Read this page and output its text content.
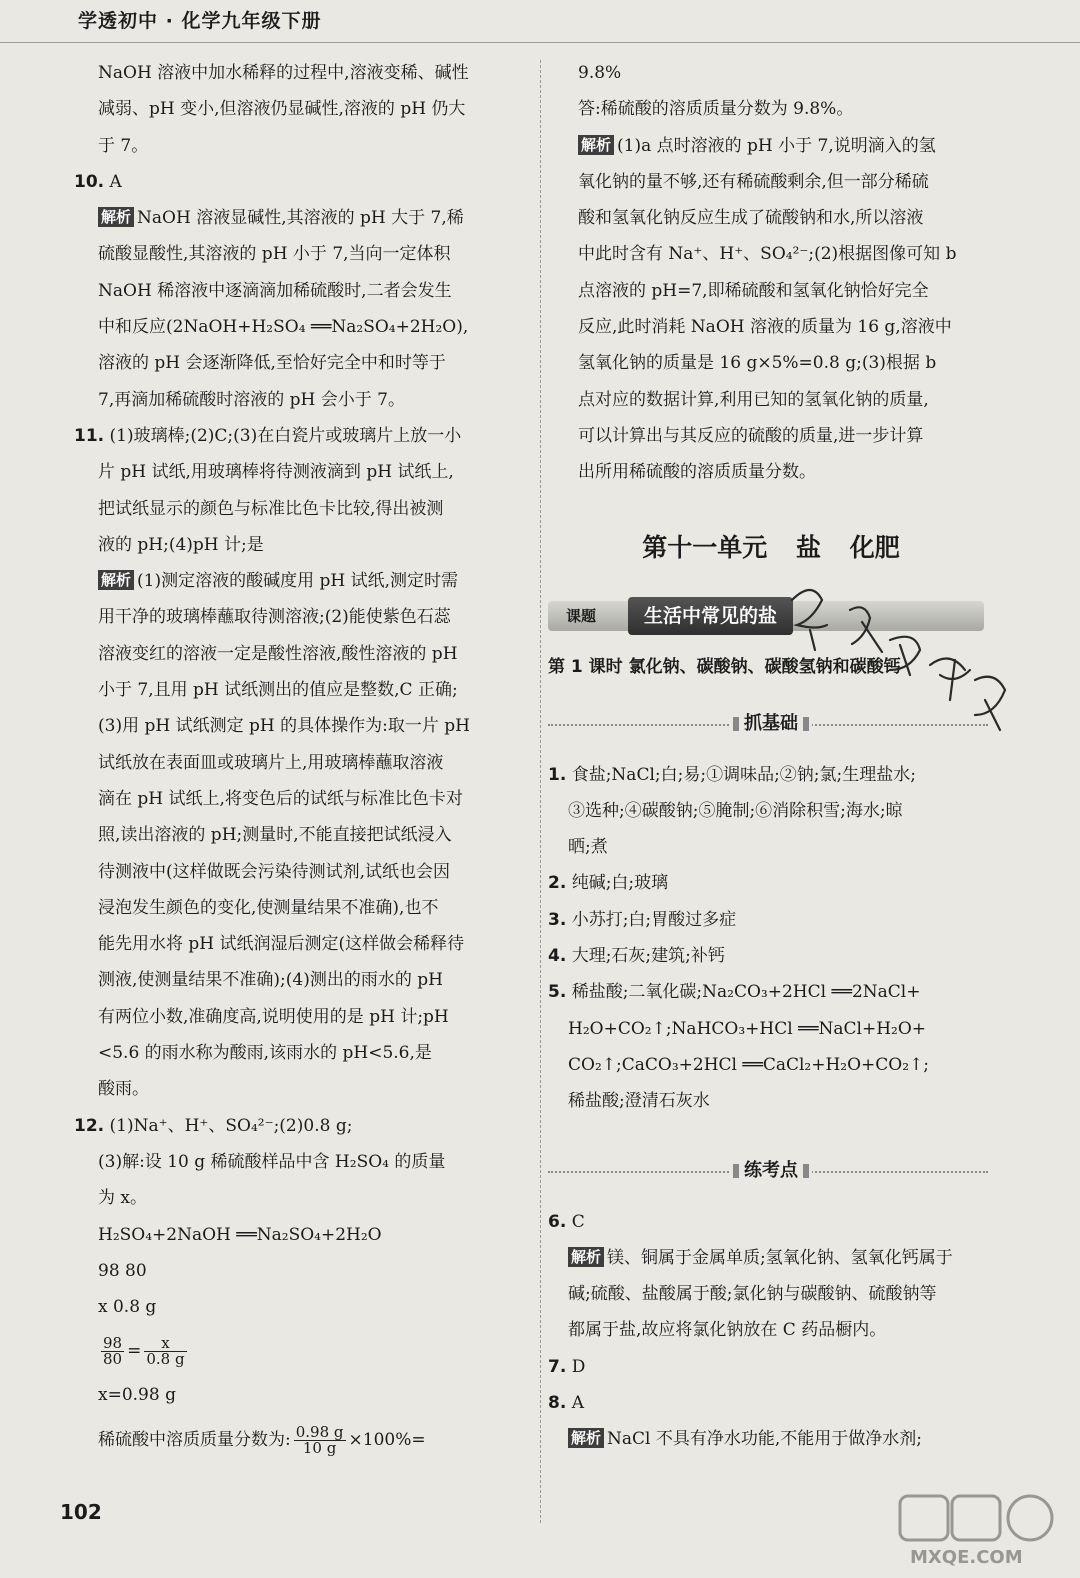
学透初中 · 化学九年级下册
NaOH 溶液中加水稀释的过程中,溶液变稀、碱性
减弱、pH 变小,但溶液仍显碱性,溶液的 pH 仍大
于 7。
10. A
解析 NaOH 溶液显碱性,其溶液的 pH 大于 7,稀
硫酸显酸性,其溶液的 pH 小于 7,当向一定体积
NaOH 稀溶液中逐滴滴加稀硫酸时,二者会发生
中和反应(2NaOH+H₂SO₄ ══Na₂SO₄+2H₂O),
溶液的 pH 会逐渐降低,至恰好完全中和时等于
7,再滴加稀硫酸时溶液的 pH 会小于 7。
11. (1)玻璃棒;(2)C;(3)在白瓷片或玻璃片上放一小
片 pH 试纸,用玻璃棒将待测液滴到 pH 试纸上,
把试纸显示的颜色与标准比色卡比较,得出被测
液的 pH;(4)pH 计;是
解析 (1)测定溶液的酸碱度用 pH 试纸,测定时需
用干净的玻璃棒蘸取待测溶液;(2)能使紫色石蕊
溶液变红的溶液一定是酸性溶液,酸性溶液的 pH
小于 7,且用 pH 试纸测出的值应是整数,C 正确;
(3)用 pH 试纸测定 pH 的具体操作为:取一片 pH
试纸放在表面皿或玻璃片上,用玻璃棒蘸取溶液
滴在 pH 试纸上,将变色后的试纸与标准比色卡对
照,读出溶液的 pH;测量时,不能直接把试纸浸入
待测液中(这样做既会污染待测试剂,试纸也会因
浸泡发生颜色的变化,使测量结果不准确),也不
能先用水将 pH 试纸润湿后测定(这样做会稀释待
测液,使测量结果不准确);(4)测出的雨水的 pH
有两位小数,准确度高,说明使用的是 pH 计;pH
<5.6 的雨水称为酸雨,该雨水的 pH<5.6,是
酸雨。
12. (1)Na⁺、H⁺、SO₄²⁻;(2)0.8 g;
(3)解:设 10 g 稀硫酸样品中含 H₂SO₄ 的质量
为 x。
H₂SO₄+2NaOH ══Na₂SO₄+2H₂O
98 80
x 0.8 g
$\frac{98}{80} = \frac{x}{0.8 g}$
x=0.98 g
稀硫酸中溶质质量分数为: $\frac{0.98 g}{10 g} \times 100\%=$
9.8%
答:稀硫酸的溶质质量分数为 9.8%。
解析 (1)a 点时溶液的 pH 小于 7,说明滴入的氢
氧化钠的量不够,还有稀硫酸剩余,但一部分稀硫
酸和氢氧化钠反应生成了硫酸钠和水,所以溶液
中此时含有 Na⁺、H⁺、SO₄²⁻;(2)根据图像可知 b
点溶液的 pH=7,即稀硫酸和氢氧化钠恰好完全
反应,此时消耗 NaOH 溶液的质量为 16 g,溶液中
氢氧化钠的质量是 16 g×5%=0.8 g;(3)根据 b
点对应的数据计算,利用已知的氢氧化钠的质量,
可以计算出与其反应的硫酸的质量,进一步计算
出所用稀硫酸的溶质质量分数。
第十一单元 盐 化肥
课题	生活中常见的盐
第 1 课时 氯化钠、碳酸钠、碳酸氢钠和碳酸钙
抓基础
1. 食盐;NaCl;白;易;①调味品;②钠;氯;生理盐水;
③选种;④碳酸钠;⑤腌制;⑥消除积雪;海水;晾
晒;煮
2. 纯碱;白;玻璃
3. 小苏打;白;胃酸过多症
4. 大理;石灰;建筑;补钙
5. 稀盐酸;二氧化碳;Na₂CO₃+2HCl ══2NaCl+
H₂O+CO₂↑;NaHCO₃+HCl ══NaCl+H₂O+
CO₂↑;CaCO₃+2HCl ══CaCl₂+H₂O+CO₂↑;
稀盐酸;澄清石灰水
练考点
6. C
解析 镁、铜属于金属单质;氢氧化钠、氢氧化钙属于
碱;硫酸、盐酸属于酸;氯化钠与碳酸钠、硫酸钠等
都属于盐,故应将氯化钠放在 C 药品橱内。
7. D
8. A
解析 NaCl 不具有净水功能,不能用于做净水剂;
MXQE.COM
102
